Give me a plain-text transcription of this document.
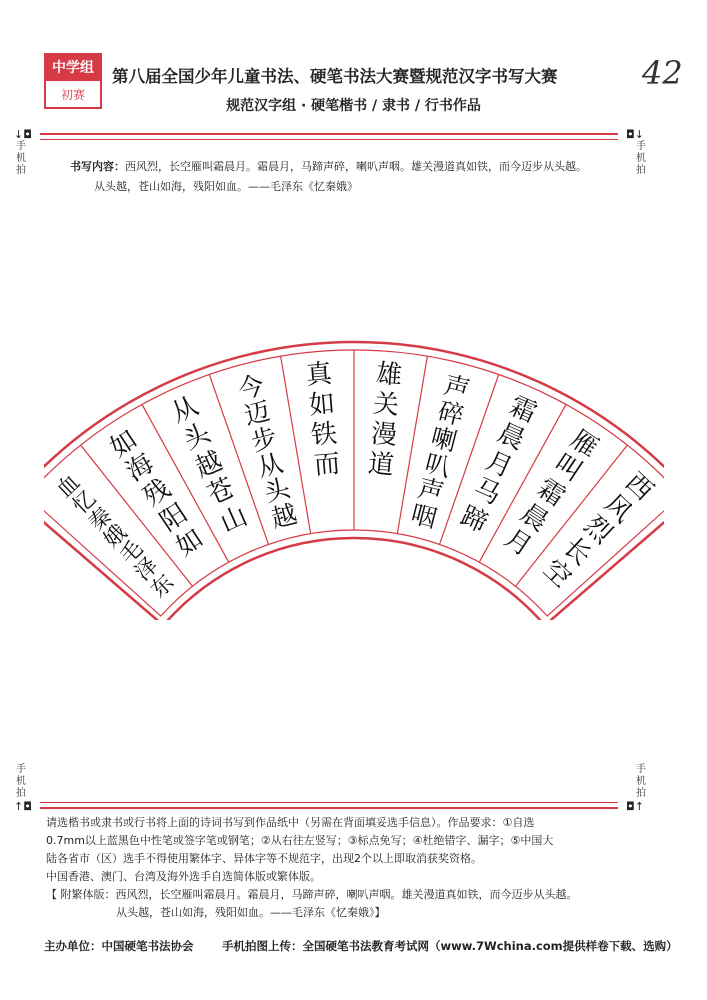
中学组
初赛
第八届全国少年儿童书法、硬笔书法大赛暨规范汉字书写大赛
规范汉字组 · 硬笔楷书 / 隶书 / 行书作品
42
↓◘
手
机
拍
◘↓
手
机
拍
书写内容：西风烈，长空雁叫霜晨月。霜晨月，马蹄声碎，喇叭声咽。雄关漫道真如铁，而今迈步从头越。
从头越，苍山如海，残阳如血。——毛泽东《忆秦娥》
西
风
烈
长
空
雁
叫
霜
晨
月
霜
晨
月
马
蹄
声
碎
喇
叭
声
咽
雄
关
漫
道
真
如
铁
而
今
迈
步
从
头
越
从
头
越
苍
山
如
海
残
阳
如
血
忆
秦
娥
毛
泽
东
手
机
拍
↑◘
手
机
拍
◘↑
请选楷书或隶书或行书将上面的诗词书写到作品纸中（另需在背面填妥选手信息）。作品要求：①自选
0.7mm以上蓝黑色中性笔或签字笔或钢笔；②从右往左竖写；③标点免写；④杜绝错字、漏字；⑤中国大
陆各省市（区）选手不得使用繁体字、异体字等不规范字，出现2个以上即取消获奖资格。
中国香港、澳门、台湾及海外选手自选简体版或繁体版。
【 附繁体版：西风烈，长空雁叫霜晨月。霜晨月，马蹄声碎，喇叭声咽。雄关漫道真如铁，而今迈步从头越。
从头越，苍山如海，残阳如血。——毛泽东《忆秦娥》】
主办单位：中国硬笔书法协会 手机拍图上传：全国硬笔书法教育考试网（www.7Wchina.com提供样卷下载、选购）
